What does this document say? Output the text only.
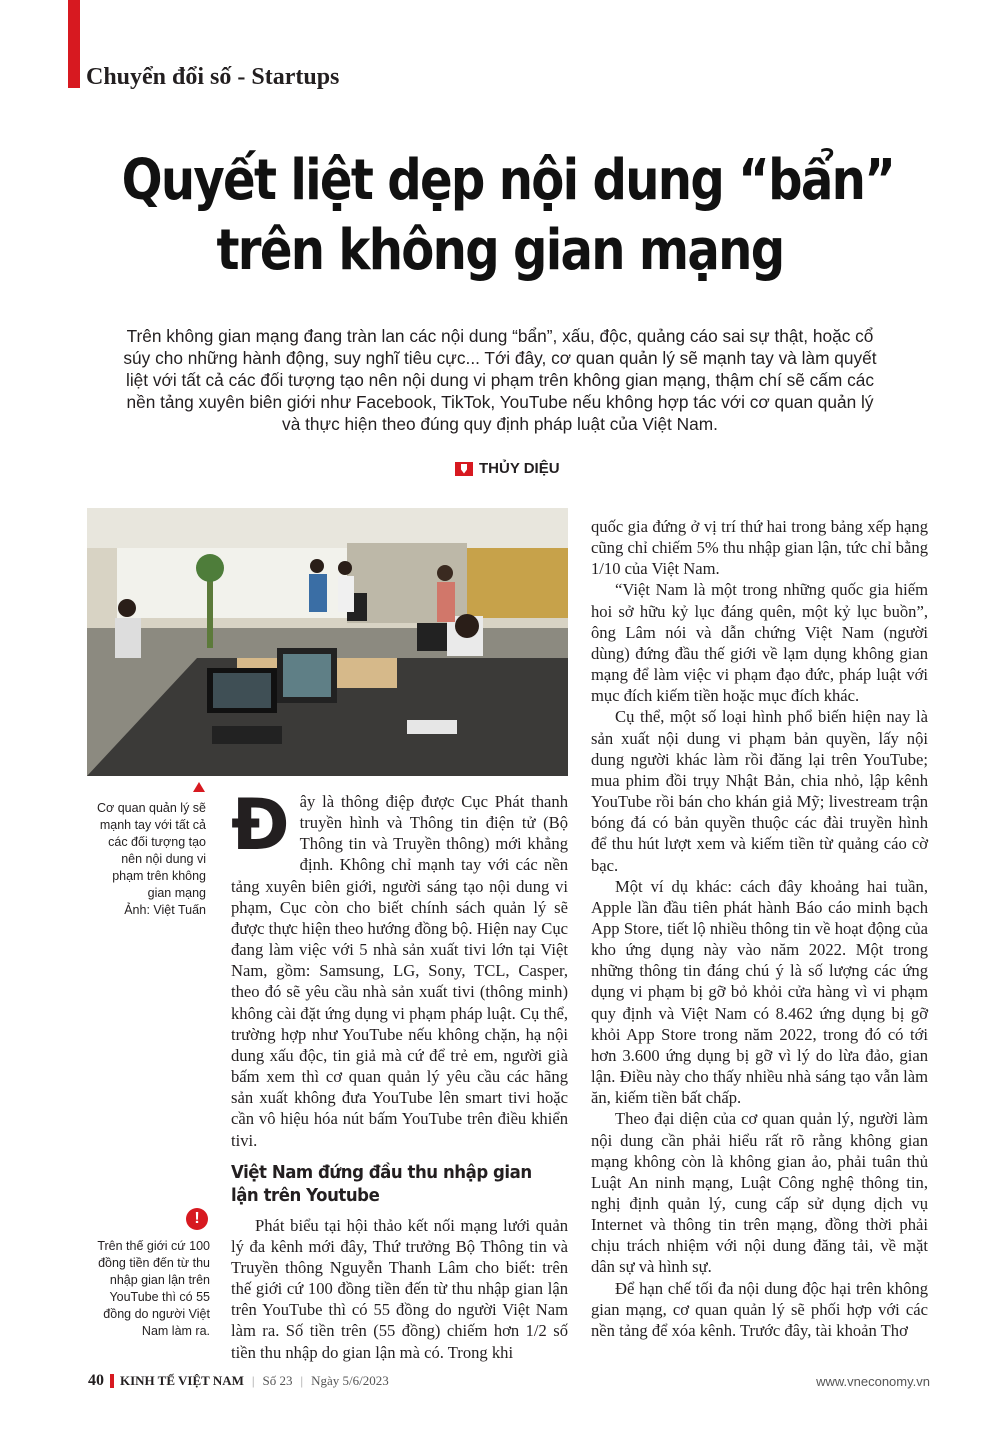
Chuyển đổi số - Startups
Quyết liệt dẹp nội dung “bẩn”
trên không gian mạng
Trên không gian mạng đang tràn lan các nội dung “bẩn”, xấu, độc, quảng cáo sai sự thật, hoặc cổ súy cho những hành động, suy nghĩ tiêu cực... Tới đây, cơ quan quản lý sẽ mạnh tay và làm quyết liệt với tất cả các đối tượng tạo nên nội dung vi phạm trên không gian mạng, thậm chí sẽ cấm các nền tảng xuyên biên giới như Facebook, TikTok, YouTube nếu không hợp tác với cơ quan quản lý và thực hiện theo đúng quy định pháp luật của Việt Nam.
THỦY DIỆU
Cơ quan quản lý sẽ mạnh tay với tất cả các đối tượng tạo nên nội dung vi phạm trên không gian mạng
Ảnh: Việt Tuấn
!
Trên thế giới cứ 100 đồng tiền đến từ thu nhập gian lận trên YouTube thì có 55 đồng do người Việt Nam làm ra.

Đây là thông điệp được Cục Phát thanh truyền hình và Thông tin điện tử (Bộ Thông tin và Truyền thông) mới khẳng định. Không chỉ mạnh tay với các nền tảng xuyên biên giới, người sáng tạo nội dung vi phạm, Cục còn cho biết chính sách quản lý sẽ được thực hiện theo hướng đồng bộ. Hiện nay Cục đang làm việc với 5 nhà sản xuất tivi lớn tại Việt Nam, gồm: Samsung, LG, Sony, TCL, Casper, theo đó sẽ yêu cầu nhà sản xuất tivi (thông minh) không cài đặt ứng dụng vi phạm pháp luật. Cụ thể, trường hợp như YouTube nếu không chặn, hạ nội dung xấu độc, tin giả mà cứ để trẻ em, người già bấm xem thì cơ quan quản lý yêu cầu các hãng sản xuất không đưa YouTube lên smart tivi hoặc cần vô hiệu hóa nút bấm YouTube trên điều khiển tivi.

Việt Nam đứng đầu thu nhập gian lận trên Youtube

Phát biểu tại hội thảo kết nối mạng lưới quản lý đa kênh mới đây, Thứ trưởng Bộ Thông tin và Truyền thông Nguyễn Thanh Lâm cho biết: trên thế giới cứ 100 đồng tiền đến từ thu nhập gian lận trên YouTube thì có 55 đồng do người Việt Nam làm ra. Số tiền trên (55 đồng) chiếm hơn 1/2 số tiền thu nhập do gian lận mà có. Trong khi

quốc gia đứng ở vị trí thứ hai trong bảng xếp hạng cũng chỉ chiếm 5% thu nhập gian lận, tức chỉ bằng 1/10 của Việt Nam.

“Việt Nam là một trong những quốc gia hiếm hoi sở hữu kỷ lục đáng quên, một kỷ lục buồn”, ông Lâm nói và dẫn chứng Việt Nam (người dùng) đứng đầu thế giới về lạm dụng không gian mạng để làm việc vi phạm đạo đức, pháp luật với mục đích kiếm tiền hoặc mục đích khác.

Cụ thể, một số loại hình phổ biến hiện nay là sản xuất nội dung vi phạm bản quyền, lấy nội dung người khác làm rồi đăng lại trên YouTube; mua phim đồi trụy Nhật Bản, chia nhỏ, lập kênh YouTube rồi bán cho khán giả Mỹ; livestream trận bóng đá có bản quyền thuộc các đài truyền hình để thu hút lượt xem và kiếm tiền từ quảng cáo cờ bạc.

Một ví dụ khác: cách đây khoảng hai tuần, Apple lần đầu tiên phát hành Báo cáo minh bạch App Store, tiết lộ nhiều thông tin về hoạt động của kho ứng dụng này vào năm 2022. Một trong những thông tin đáng chú ý là số lượng các ứng dụng vi phạm bị gỡ bỏ khỏi cửa hàng vì vi phạm quy định và Việt Nam có 8.462 ứng dụng bị gỡ khỏi App Store trong năm 2022, trong đó có tới hơn 3.600 ứng dụng bị gỡ vì lý do lừa đảo, gian lận. Điều này cho thấy nhiều nhà sáng tạo vẫn làm ăn, kiếm tiền bất chấp.

Theo đại diện của cơ quan quản lý, người làm nội dung cần phải hiểu rất rõ rằng không gian mạng không còn là không gian ảo, phải tuân thủ Luật An ninh mạng, Luật Công nghệ thông tin, nghị định quản lý, cung cấp sử dụng dịch vụ Internet và thông tin trên mạng, đồng thời phải chịu trách nhiệm với nội dung đăng tải, về mặt dân sự và hình sự.

Để hạn chế tối đa nội dung độc hại trên không gian mạng, cơ quan quản lý sẽ phối hợp với các nền tảng để xóa kênh. Trước đây, tài khoản Thơ

40 KINH TẾ VIỆT NAM | Số 23 | Ngày 5/6/2023	www.vneconomy.vn
